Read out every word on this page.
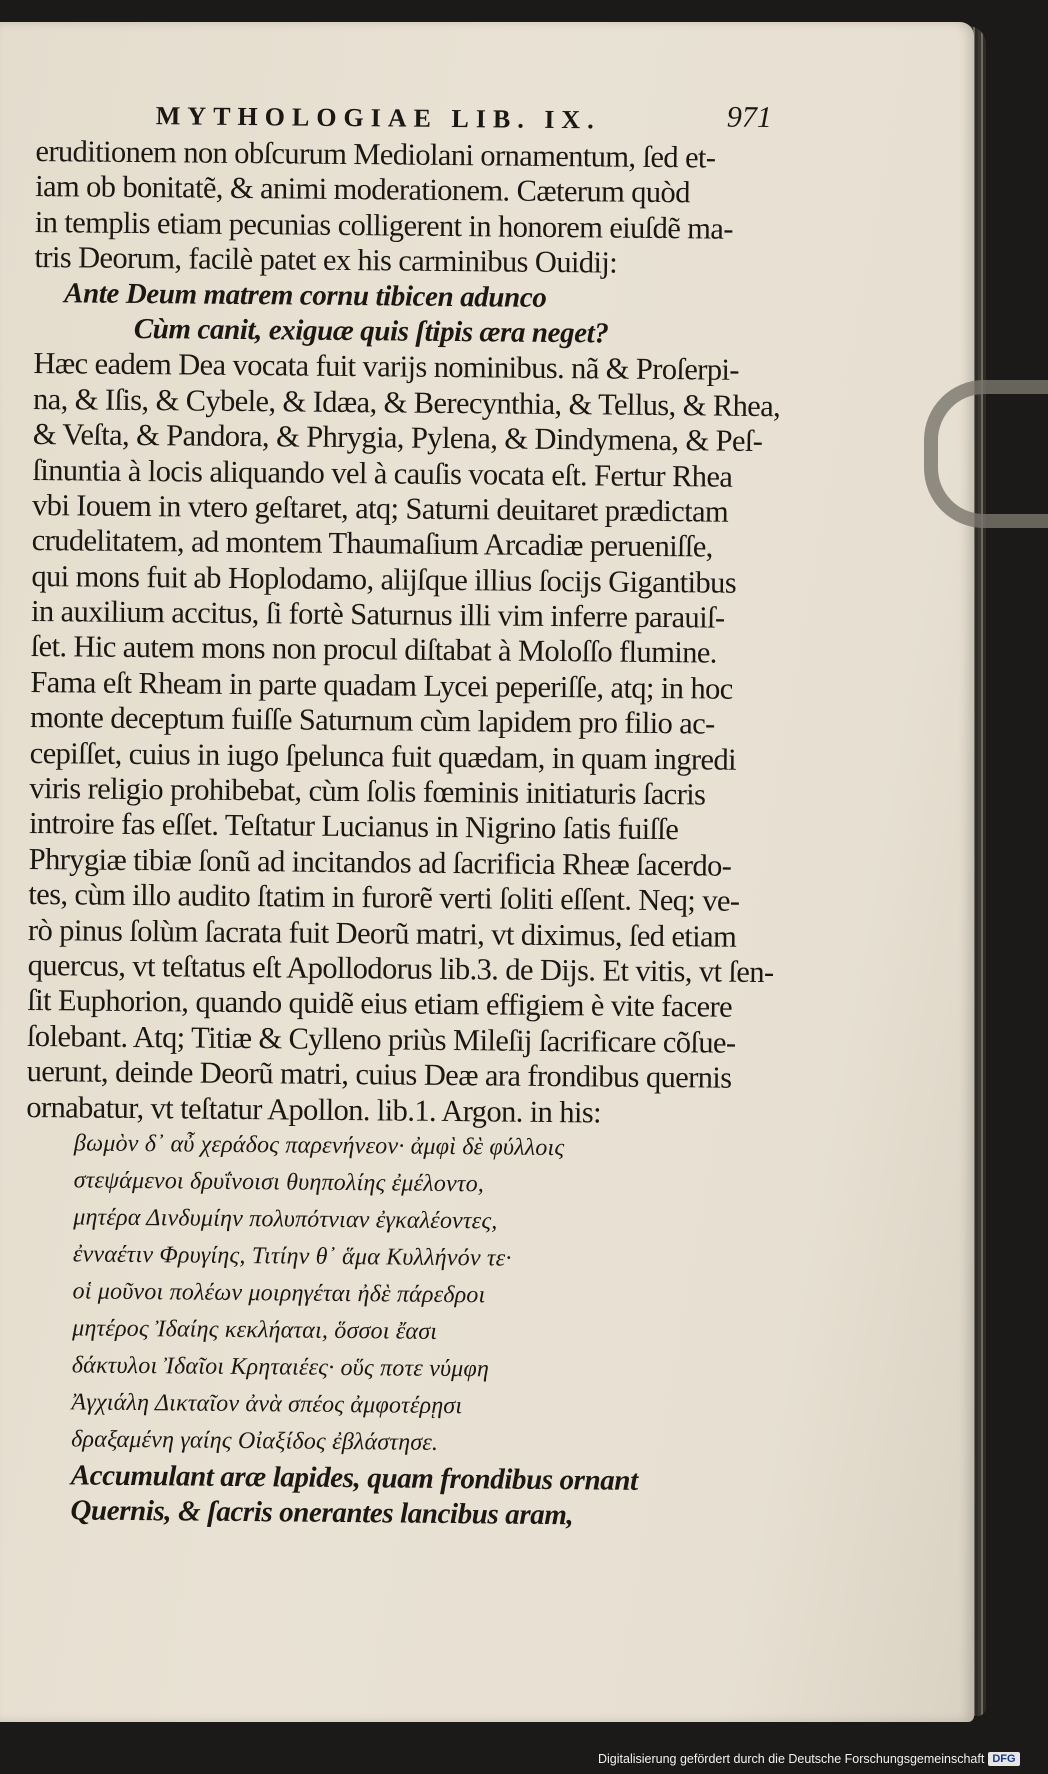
MYTHOLOGIAE LIB. IX.	971
eruditionem non obſcurum Mediolani ornamentum, ſed et-
iam ob bonitatẽ, & animi moderationem. Cæterum quòd
in templis etiam pecunias colligerent in honorem eiuſdẽ ma-
tris Deorum, facilè patet ex his carminibus Ouidij:
Ante Deum matrem cornu tibicen adunco
Cùm canit, exiguæ quis ſtipis æra neget?
Hæc eadem Dea vocata fuit varijs nominibus. nã & Proſerpi-
na, & Iſis, & Cybele, & Idæa, & Berecynthia, & Tellus, & Rhea,
& Veſta, & Pandora, & Phrygia, Pylena, & Dindymena, & Peſ-
ſinuntia à locis aliquando vel à cauſis vocata eſt. Fertur Rhea
vbi Iouem in vtero geſtaret, atq; Saturni deuitaret prædictam
crudelitatem, ad montem Thaumaſium Arcadiæ perueniſſe,
qui mons fuit ab Hoplodamo, alijſque illius ſocijs Gigantibus
in auxilium accitus, ſi fortè Saturnus illi vim inferre parauiſ-
ſet. Hic autem mons non procul diſtabat à Moloſſo flumine.
Fama eſt Rheam in parte quadam Lycei peperiſſe, atq; in hoc
monte deceptum fuiſſe Saturnum cùm lapidem pro filio ac-
cepiſſet, cuius in iugo ſpelunca fuit quædam, in quam ingredi
viris religio prohibebat, cùm ſolis fœminis initiaturis ſacris
introire fas eſſet. Teſtatur Lucianus in Nigrino ſatis fuiſſe
Phrygiæ tibiæ ſonũ ad incitandos ad ſacrificia Rheæ ſacerdo-
tes, cùm illo audito ſtatim in furorẽ verti ſoliti eſſent. Neq; ve-
rò pinus ſolùm ſacrata fuit Deorũ matri, vt diximus, ſed etiam
quercus, vt teſtatus eſt Apollodorus lib.3. de Dijs. Et vitis, vt ſen-
ſit Euphorion, quando quidẽ eius etiam effigiem è vite facere
ſolebant. Atq; Titiæ & Cylleno priùs Mileſij ſacrificare cõſue-
uerunt, deinde Deorũ matri, cuius Deæ ara frondibus quernis
ornabatur, vt teſtatur Apollon. lib.1. Argon. in his:
βωμὸν δ᾿ αὖ χεράδος παρενήνεον· ἀμφὶ δὲ φύλλοις
στεψάμενοι δρυΐνοισι θυηπολίης ἐμέλοντο,
μητέρα Δινδυμίην πολυπότνιαν ἐγκαλέοντες,
ἐνναέτιν Φρυγίης, Τιτίην θ᾿ ἅμα Κυλλήνόν τε·
οἱ μοῦνοι πολέων μοιρηγέται ἠδὲ πάρεδροι
μητέρος Ἰδαίης κεκλήαται, ὅσσοι ἔασι
δάκτυλοι Ἰδαῖοι Κρηταιέες· οὕς ποτε νύμφη
Ἀγχιάλη Δικταῖον ἀνὰ σπέος ἀμφοτέρῃσι
δραξαμένη γαίης Οἰαξίδος ἐβλάστησε.
Accumulant aræ lapides, quam frondibus ornant
Quernis, & ſacris onerantes lancibus aram,
Digitalisierung gefördert durch die Deutsche Forschungsgemeinschaft DFG
